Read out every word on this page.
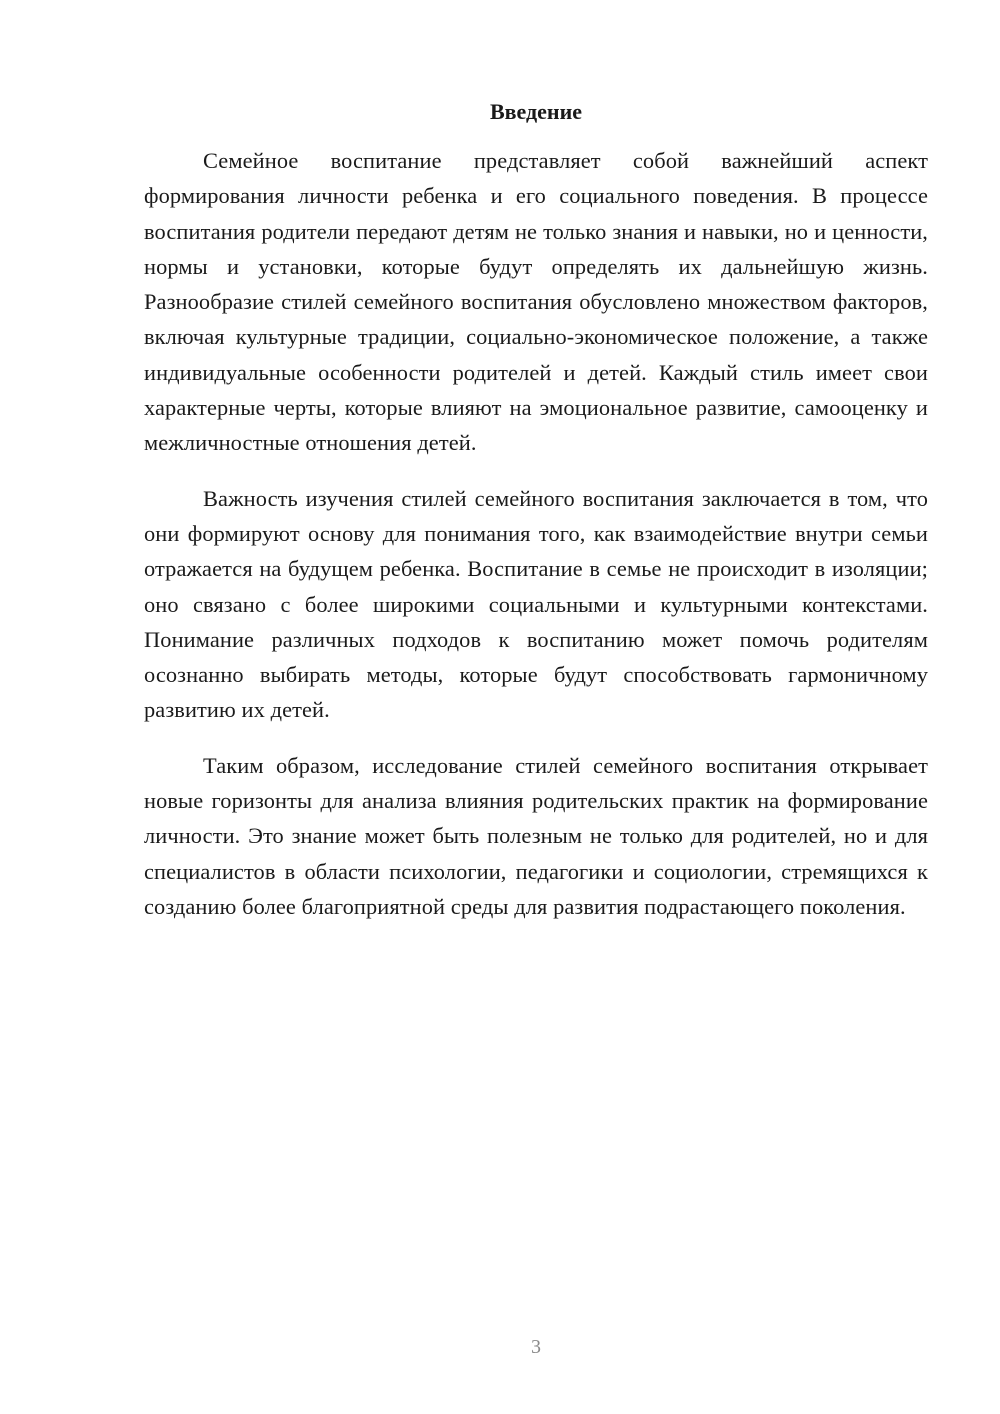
Введение

Семейное воспитание представляет собой важнейший аспект формирования личности ребенка и его социального поведения. В процессе воспитания родители передают детям не только знания и навыки, но и ценности, нормы и установки, которые будут определять их дальнейшую жизнь. Разнообразие стилей семейного воспитания обусловлено множеством факторов, включая культурные традиции, социально-экономическое положение, а также индивидуальные особенности родителей и детей. Каждый стиль имеет свои характерные черты, которые влияют на эмоциональное развитие, самооценку и межличностные отношения детей.

Важность изучения стилей семейного воспитания заключается в том, что они формируют основу для понимания того, как взаимодействие внутри семьи отражается на будущем ребенка. Воспитание в семье не происходит в изоляции; оно связано с более широкими социальными и культурными контекстами. Понимание различных подходов к воспитанию может помочь родителям осознанно выбирать методы, которые будут способствовать гармоничному развитию их детей.

Таким образом, исследование стилей семейного воспитания открывает новые горизонты для анализа влияния родительских практик на формирование личности. Это знание может быть полезным не только для родителей, но и для специалистов в области психологии, педагогики и социологии, стремящихся к созданию более благоприятной среды для развития подрастающего поколения.

3
